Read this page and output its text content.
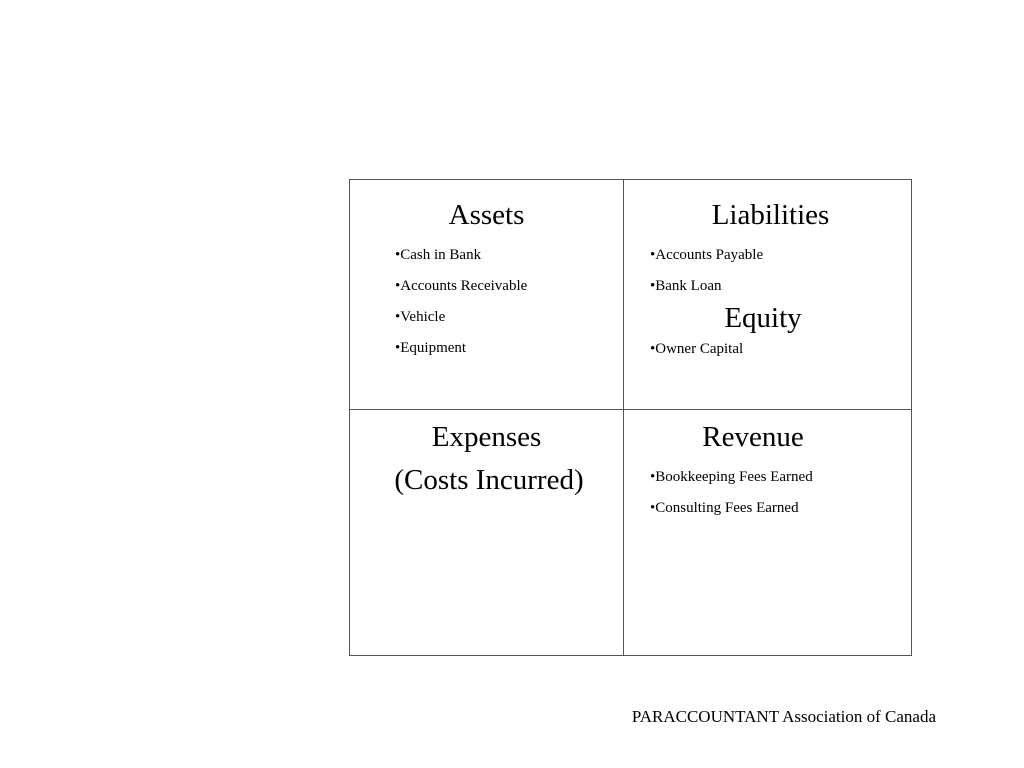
Assets
•Cash in Bank
•Accounts Receivable
•Vehicle
•Equipment
Liabilities
•Accounts Payable
•Bank Loan
Equity
•Owner Capital
Expenses
(Costs Incurred)
Revenue
•Bookkeeping Fees Earned
•Consulting Fees Earned
PARACCOUNTANT Association of Canada
